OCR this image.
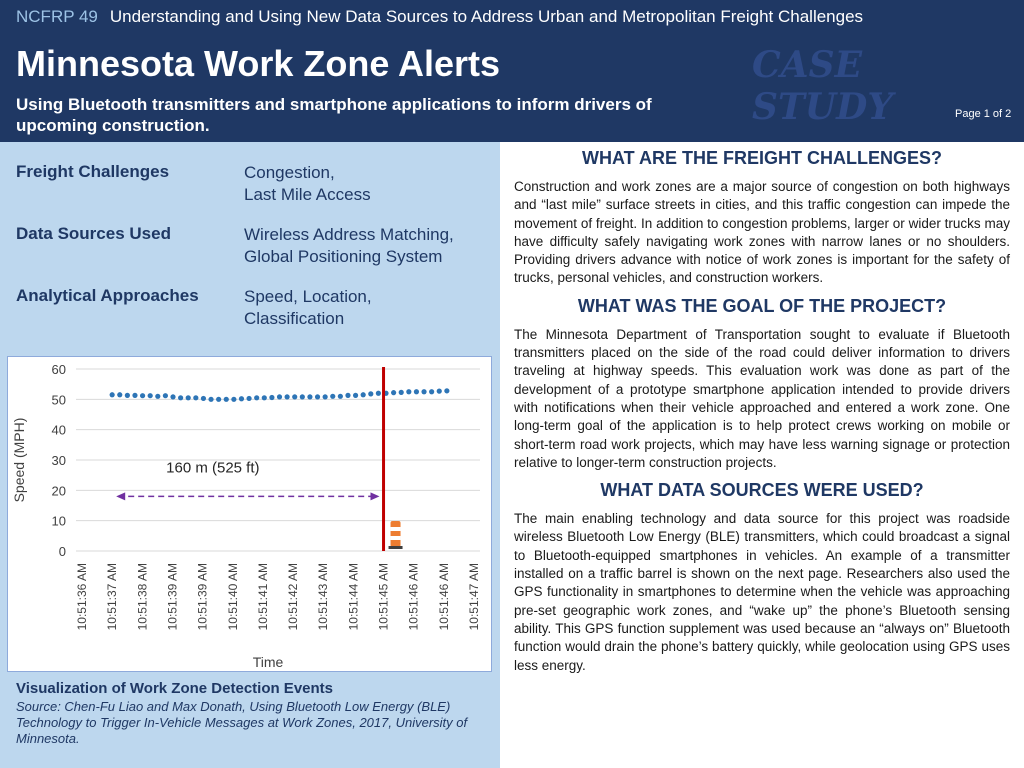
NCFRP 49 Understanding and Using New Data Sources to Address Urban and Metropolitan Freight Challenges
Minnesota Work Zone Alerts
Using Bluetooth transmitters and smartphone applications to inform drivers of upcoming construction.
CASE
STUDY	Page 1 of 2
Freight Challenges	Congestion,
Last Mile Access
Data Sources Used	Wireless Address Matching,
Global Positioning System
Analytical Approaches	Speed, Location,
Classification
0
10
20
30
40
50
60
10:51:36 AM 10:51:37 AM 10:51:38 AM 10:51:39 AM 10:51:39 AM 10:51:40 AM 10:51:41 AM 10:51:42 AM 10:51:43 AM 10:51:44 AM 10:51:45 AM 10:51:46 AM 10:51:46 AM 10:51:47 AM
Speed (MPH)
Time
160 m (525 ft)
Visualization of Work Zone Detection Events
Source: Chen-Fu Liao and Max Donath, Using Bluetooth Low Energy (BLE) Technology to Trigger In-Vehicle Messages at Work Zones, 2017, University of Minnesota.
WHAT ARE THE FREIGHT CHALLENGES?

Construction and work zones are a major source of congestion on both highways and “last mile” surface streets in cities, and this traffic congestion can impede the movement of freight. In addition to congestion problems, larger or wider trucks may have difficulty safely navigating work zones with narrow lanes or no shoulders. Providing drivers advance with notice of work zones is important for the safety of trucks, personal vehicles, and construction workers.

WHAT WAS THE GOAL OF THE PROJECT?

The Minnesota Department of Transportation sought to evaluate if Bluetooth transmitters placed on the side of the road could deliver information to drivers traveling at highway speeds. This evaluation work was done as part of the development of a prototype smartphone application intended to provide drivers with notifications when their vehicle approached and entered a work zone. One long-term goal of the application is to help protect crews working on mobile or short-term road work projects, which may have less warning signage or protection relative to longer-term construction projects.

WHAT DATA SOURCES WERE USED?

The main enabling technology and data source for this project was roadside wireless Bluetooth Low Energy (BLE) transmitters, which could broadcast a signal to Bluetooth-equipped smartphones in vehicles. An example of a transmitter installed on a traffic barrel is shown on the next page. Researchers also used the GPS functionality in smartphones to determine when the vehicle was approaching pre-set geographic work zones, and “wake up” the phone’s Bluetooth sensing ability. This GPS function supplement was used because an “always on” Bluetooth function would drain the phone’s battery quickly, while geolocation using GPS uses less energy.
